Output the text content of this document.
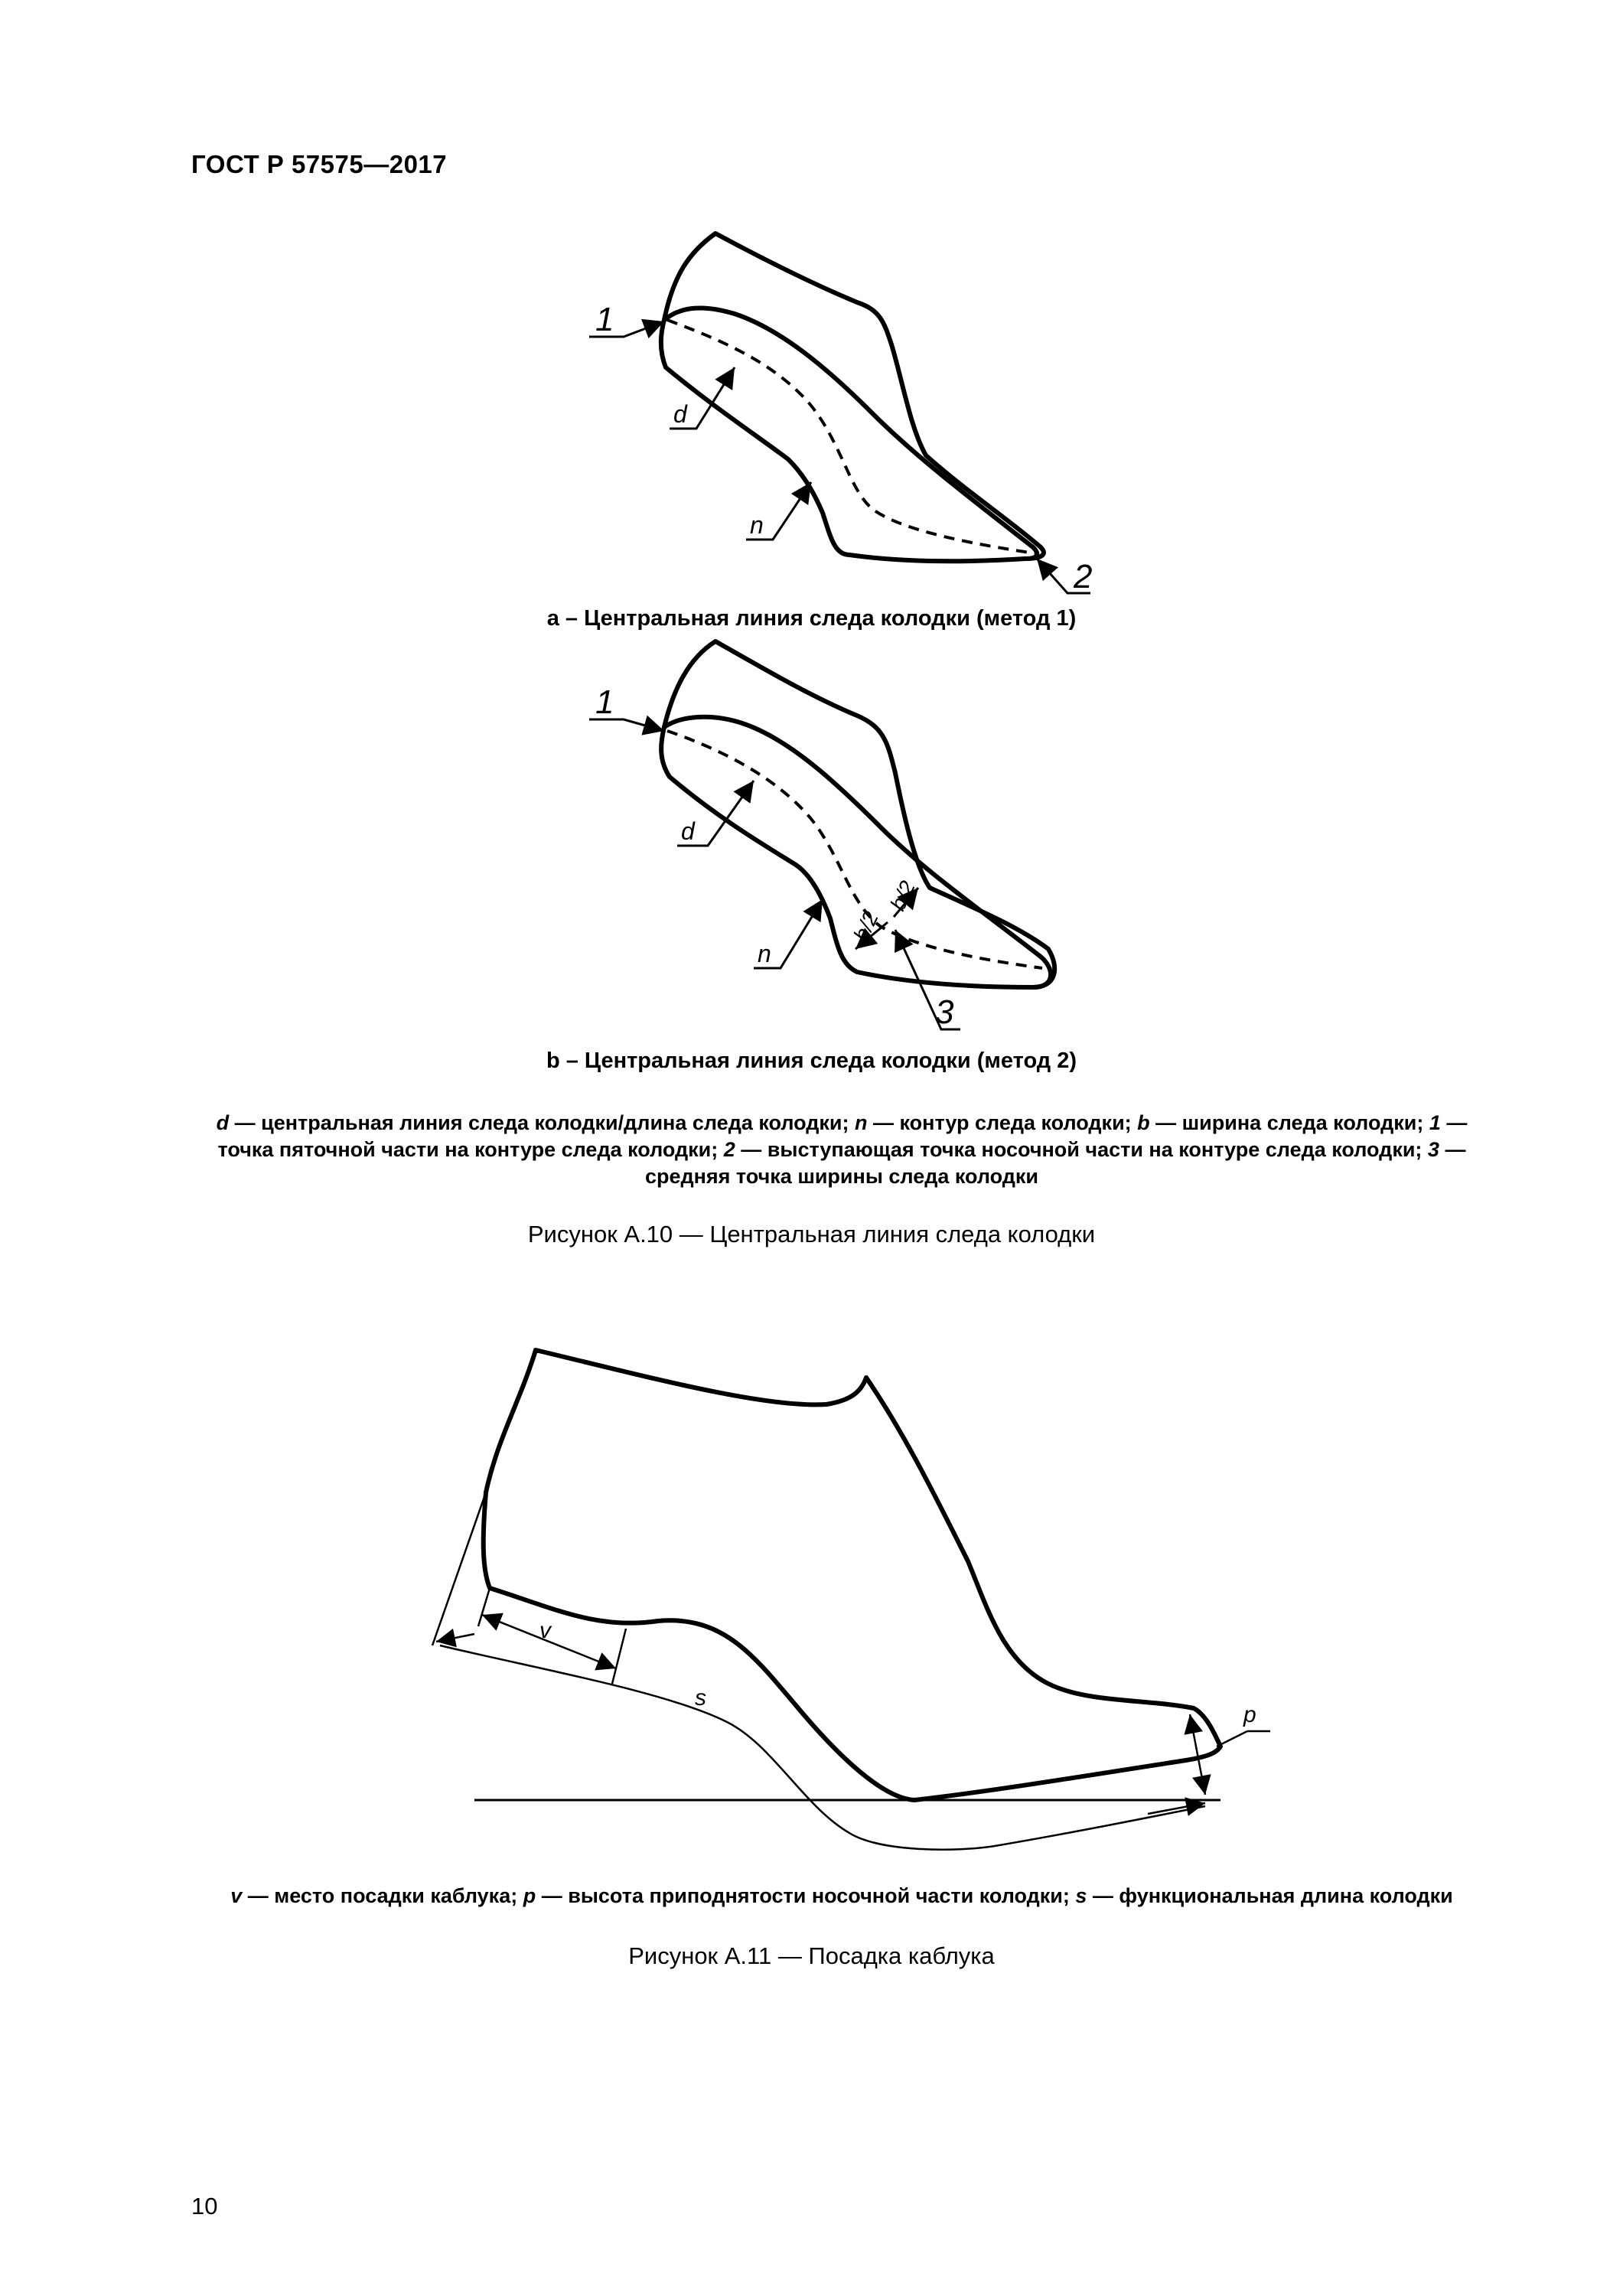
ГОСТ Р 57575—2017
1
2
d
n
a – Центральная линия следа колодки (метод 1)
1
3
d
n
b/2
b/2
b – Центральная линия следа колодки (метод 2)
d — центральная линия следа колодки/длина следа колодки; n — контур следа колодки; b — ширина следа колодки; 1 — точка пяточной части на контуре следа колодки; 2 — выступающая точка носочной части на контуре следа колодки; 3 — средняя точка ширины следа колодки
Рисунок А.10 — Центральная линия следа колодки
v
s
p
v — место посадки каблука; p — высота приподнятости носочной части колодки; s — функциональная длина колодки
Рисунок А.11 — Посадка каблука
10
